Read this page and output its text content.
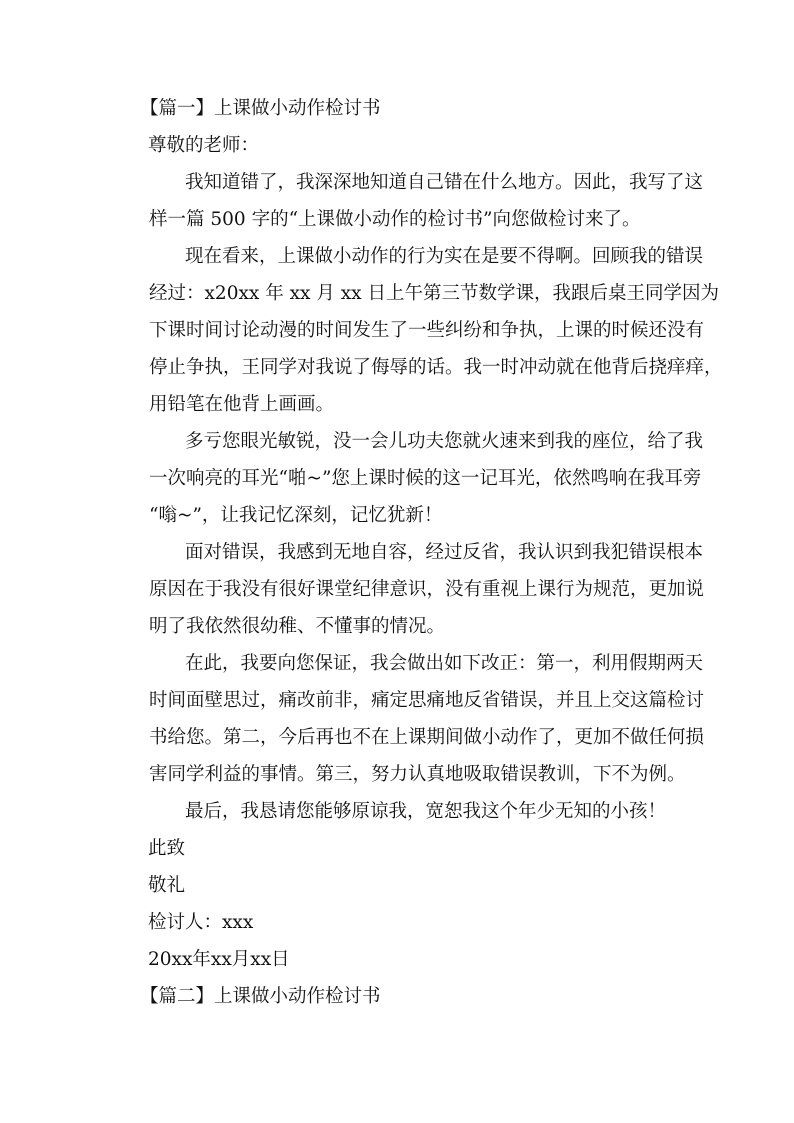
【篇一】上课做小动作检讨书
尊敬的老师：
我知道错了，我深深地知道自己错在什么地方。因此，我写了这
样一篇 500 字的“上课做小动作的检讨书”向您做检讨来了。
现在看来，上课做小动作的行为实在是要不得啊。回顾我的错误
经过：x20xx 年 xx 月 xx 日上午第三节数学课，我跟后桌王同学因为
下课时间讨论动漫的时间发生了一些纠纷和争执，上课的时候还没有
停止争执，王同学对我说了侮辱的话。我一时冲动就在他背后挠痒痒，
用铅笔在他背上画画。
多亏您眼光敏锐，没一会儿功夫您就火速来到我的座位，给了我
一次响亮的耳光“啪~”您上课时候的这一记耳光，依然鸣响在我耳旁
“嗡~”，让我记忆深刻，记忆犹新！
面对错误，我感到无地自容，经过反省，我认识到我犯错误根本
原因在于我没有很好课堂纪律意识，没有重视上课行为规范，更加说
明了我依然很幼稚、不懂事的情况。
在此，我要向您保证，我会做出如下改正：第一，利用假期两天
时间面壁思过，痛改前非，痛定思痛地反省错误，并且上交这篇检讨
书给您。第二，今后再也不在上课期间做小动作了，更加不做任何损
害同学利益的事情。第三，努力认真地吸取错误教训，下不为例。
最后，我恳请您能够原谅我，宽恕我这个年少无知的小孩！
此致
敬礼
检讨人：xxx
20xx年xx月xx日
【篇二】上课做小动作检讨书
